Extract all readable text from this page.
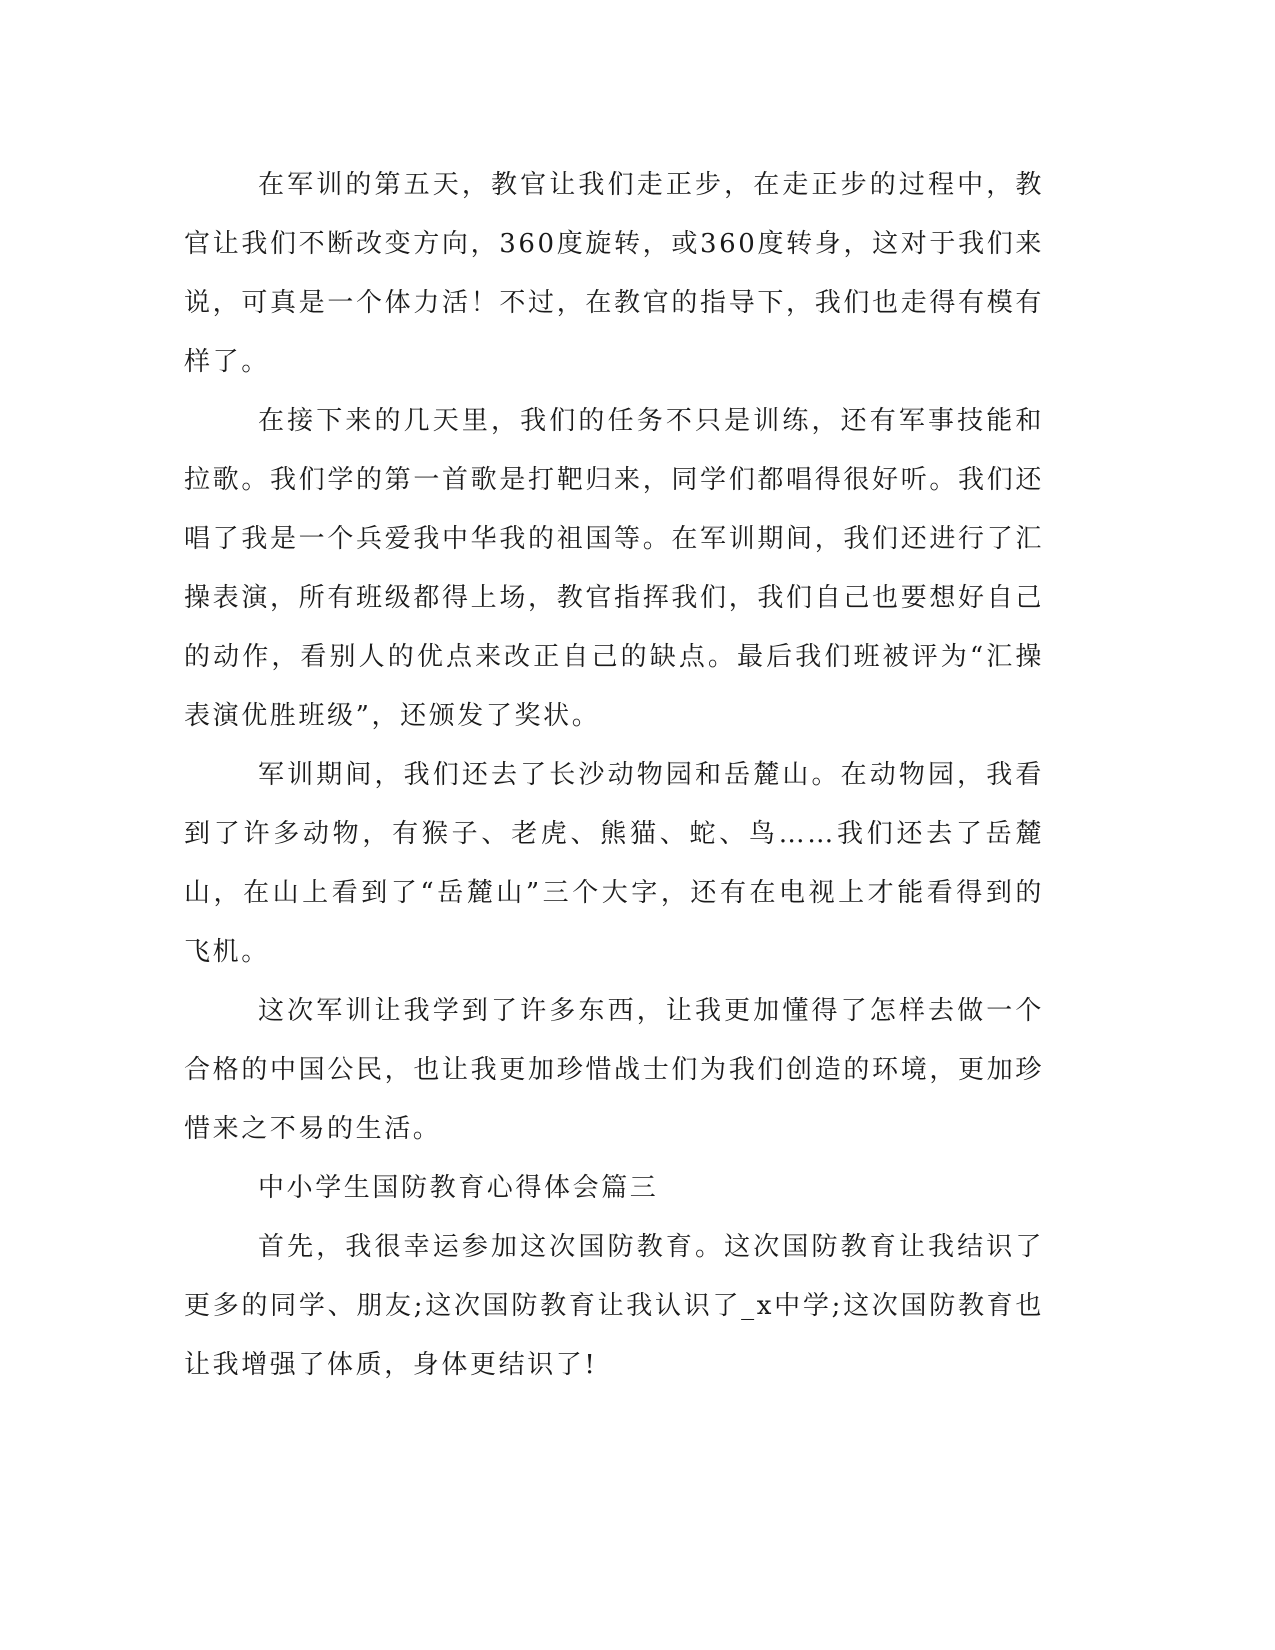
在军训的第五天，教官让我们走正步，在走正步的过程中，教官让我们不断改变方向，360度旋转，或360度转身，这对于我们来说，可真是一个体力活！不过，在教官的指导下，我们也走得有模有样了。

在接下来的几天里，我们的任务不只是训练，还有军事技能和拉歌。我们学的第一首歌是打靶归来，同学们都唱得很好听。我们还唱了我是一个兵爱我中华我的祖国等。在军训期间，我们还进行了汇操表演，所有班级都得上场，教官指挥我们，我们自己也要想好自己的动作，看别人的优点来改正自己的缺点。最后我们班被评为“汇操表演优胜班级”，还颁发了奖状。

军训期间，我们还去了长沙动物园和岳麓山。在动物园，我看到了许多动物，有猴子、老虎、熊猫、蛇、鸟……我们还去了岳麓山，在山上看到了“岳麓山”三个大字，还有在电视上才能看得到的飞机。

这次军训让我学到了许多东西，让我更加懂得了怎样去做一个合格的中国公民，也让我更加珍惜战士们为我们创造的环境，更加珍惜来之不易的生活。

中小学生国防教育心得体会篇三

首先，我很幸运参加这次国防教育。这次国防教育让我结识了更多的同学、朋友;这次国防教育让我认识了_x中学;这次国防教育也让我增强了体质，身体更结识了!
